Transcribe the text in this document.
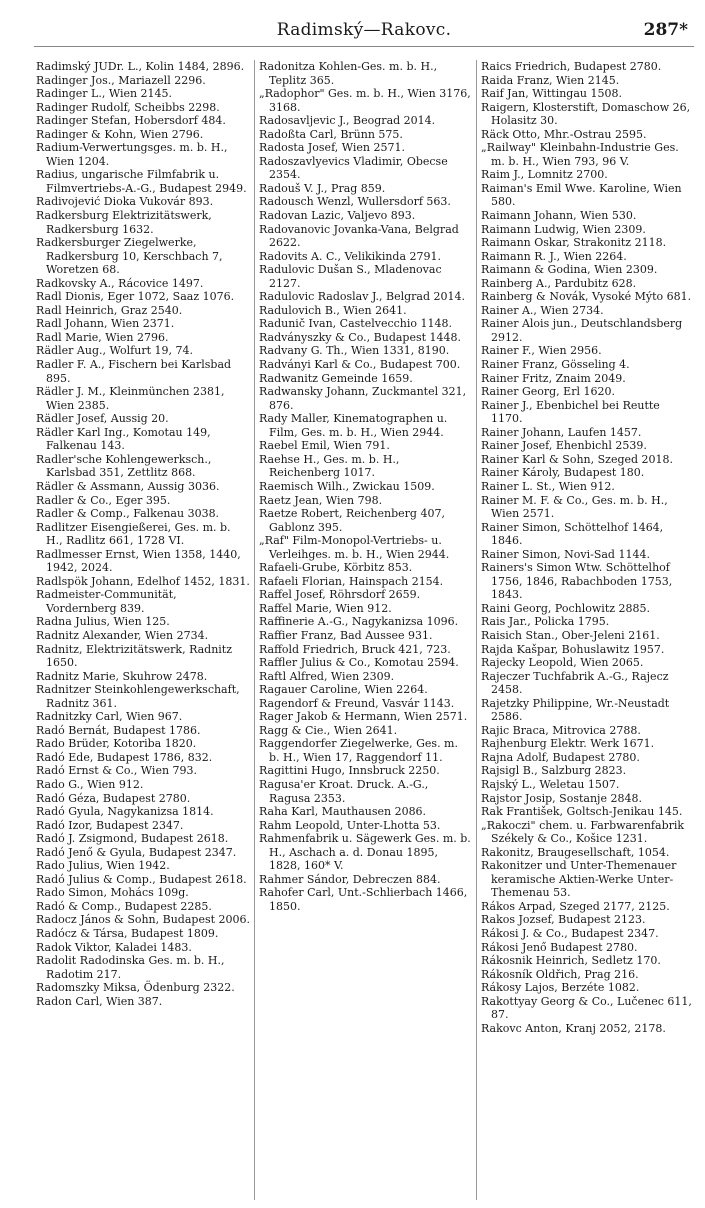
Radimský—Rakovc.	287*

Radimský JUDr. L., Kolin 1484, 2896.

Radinger Jos., Mariazell 2296.

Radinger L., Wien 2145.

Radinger Rudolf, Scheibbs 2298.

Radinger Stefan, Hobersdorf 484.

Radinger & Kohn, Wien 2796.

Radium-Verwertungsges. m. b. H., Wien 1204.

Radius, ungarische Filmfabrik u. Filmvertriebs-A.-G., Budapest 2949.

Radivojević Dioka Vukovár 893.

Radkersburg Elektrizitätswerk, Radkersburg 1632.

Radkersburger Ziegelwerke, Radkersburg 10, Kerschbach 7, Woretzen 68.

Radkovsky A., Rácovice 1497.

Radl Dionis, Eger 1072, Saaz 1076.

Radl Heinrich, Graz 2540.

Radl Johann, Wien 2371.

Radl Marie, Wien 2796.

Rädler Aug., Wolfurt 19, 74.

Radler F. A., Fischern bei Karlsbad 895.

Rädler J. M., Kleinmünchen 2381, Wien 2385.

Rädler Josef, Aussig 20.

Rädler Karl Ing., Komotau 149, Falkenau 143.

Radler'sche Kohlengewerksch., Karlsbad 351, Zettlitz 868.

Rädler & Assmann, Aussig 3036.

Radler & Co., Eger 395.

Radler & Comp., Falkenau 3038.

Radlitzer Eisengießerei, Ges. m. b. H., Radlitz 661, 1728 VI.

Radlmesser Ernst, Wien 1358, 1440, 1942, 2024.

Radlspök Johann, Edelhof 1452, 1831.

Radmeister-Communität, Vordernberg 839.

Radna Julius, Wien 125.

Radnitz Alexander, Wien 2734.

Radnitz, Elektrizitätswerk, Radnitz 1650.

Radnitz Marie, Skuhrow 2478.

Radnitzer Steinkohlengewerkschaft, Radnitz 361.

Radnitzky Carl, Wien 967.

Radó Bernát, Budapest 1786.

Rado Brüder, Kotoriba 1820.

Radó Ede, Budapest 1786, 832.

Radó Ernst & Co., Wien 793.

Rado G., Wien 912.

Radó Géza, Budapest 2780.

Radó Gyula, Nagykanizsa 1814.

Radó Izor, Budapest 2347.

Radó J. Zsigmond, Budapest 2618.

Radó Jenő & Gyula, Budapest 2347.

Rado Julius, Wien 1942.

Radó Julius & Comp., Budapest 2618.

Rado Simon, Mohács 109g.

Radó & Comp., Budapest 2285.

Radocz János & Sohn, Budapest 2006.

Radócz & Társa, Budapest 1809.

Radok Viktor, Kaladei 1483.

Radolit Radodinska Ges. m. b. H., Radotim 217.

Radomszky Miksa, Ödenburg 2322.

Radon Carl, Wien 387.

Radonitza Kohlen-Ges. m. b. H., Teplitz 365.

„Radophor" Ges. m. b. H., Wien 3176, 3168.

Radosavljevic J., Beograd 2014.

Radoßta Carl, Brünn 575.

Radosta Josef, Wien 2571.

Radoszavlyevics Vladimir, Obecse 2354.

Radouš V. J., Prag 859.

Radousch Wenzl, Wullersdorf 563.

Radovan Lazic, Valjevo 893.

Radovanovic Jovanka-Vana, Belgrad 2622.

Radovits A. C., Velikikinda 2791.

Radulovic Dušan S., Mladenovac 2127.

Radulovic Radoslav J., Belgrad 2014.

Radulovich B., Wien 2641.

Radunič Ivan, Castelvecchio 1148.

Radványszky & Co., Budapest 1448.

Radvany G. Th., Wien 1331, 8190.

Radványi Karl & Co., Budapest 700.

Radwanitz Gemeinde 1659.

Radwansky Johann, Zuckmantel 321, 876.

Rady Maller, Kinematographen u. Film, Ges. m. b. H., Wien 2944.

Raebel Emil, Wien 791.

Raehse H., Ges. m. b. H., Reichenberg 1017.

Raemisch Wilh., Zwickau 1509.

Raetz Jean, Wien 798.

Raetze Robert, Reichenberg 407, Gablonz 395.

„Raf" Film-Monopol-Vertriebs- u. Verleihges. m. b. H., Wien 2944.

Rafaeli-Grube, Körbitz 853.

Rafaeli Florian, Hainspach 2154.

Raffel Josef, Röhrsdorf 2659.

Raffel Marie, Wien 912.

Raffinerie A.-G., Nagykanizsa 1096.

Raffier Franz, Bad Aussee 931.

Raffold Friedrich, Bruck 421, 723.

Raffler Julius & Co., Komotau 2594.

Raftl Alfred, Wien 2309.

Ragauer Caroline, Wien 2264.

Ragendorf & Freund, Vasvár 1143.

Rager Jakob & Hermann, Wien 2571.

Ragg & Cie., Wien 2641.

Raggendorfer Ziegelwerke, Ges. m. b. H., Wien 17, Raggendorf 11.

Ragittini Hugo, Innsbruck 2250.

Ragusa'er Kroat. Druck. A.-G., Ragusa 2353.

Raha Karl, Mauthausen 2086.

Rahm Leopold, Unter-Lhotta 53.

Rahmenfabrik u. Sägewerk Ges. m. b. H., Aschach a. d. Donau 1895, 1828, 160* V.

Rahmer Sándor, Debreczen 884.

Rahofer Carl, Unt.-Schlierbach 1466, 1850.

Raics Friedrich, Budapest 2780.

Raida Franz, Wien 2145.

Raif Jan, Wittingau 1508.

Raigern, Klosterstift, Domaschow 26, Holasitz 30.

Räck Otto, Mhr.-Ostrau 2595.

„Railway" Kleinbahn-Industrie Ges. m. b. H., Wien 793, 96 V.

Raim J., Lomnitz 2700.

Raiman's Emil Wwe. Karoline, Wien 580.

Raimann Johann, Wien 530.

Raimann Ludwig, Wien 2309.

Raimann Oskar, Strakonitz 2118.

Raimann R. J., Wien 2264.

Raimann & Godina, Wien 2309.

Rainberg A., Pardubitz 628.

Rainberg & Novák, Vysoké Mýto 681.

Rainer A., Wien 2734.

Rainer Alois jun., Deutschlandsberg 2912.

Rainer F., Wien 2956.

Rainer Franz, Gösseling 4.

Rainer Fritz, Znaim 2049.

Rainer Georg, Erl 1620.

Rainer J., Ebenbichel bei Reutte 1170.

Rainer Johann, Laufen 1457.

Rainer Josef, Ehenbichl 2539.

Rainer Karl & Sohn, Szeged 2018.

Rainer Károly, Budapest 180.

Rainer L. St., Wien 912.

Rainer M. F. & Co., Ges. m. b. H., Wien 2571.

Rainer Simon, Schöttelhof 1464, 1846.

Rainer Simon, Novi-Sad 1144.

Rainers's Simon Wtw. Schöttelhof 1756, 1846, Rabachboden 1753, 1843.

Raini Georg, Pochlowitz 2885.

Rais Jar., Policka 1795.

Raisich Stan., Ober-Jeleni 2161.

Rajda Kašpar, Bohuslawitz 1957.

Rajecky Leopold, Wien 2065.

Rajeczer Tuchfabrik A.-G., Rajecz 2458.

Rajetzky Philippine, Wr.-Neustadt 2586.

Rajic Braca, Mitrovica 2788.

Rajhenburg Elektr. Werk 1671.

Rajna Adolf, Budapest 2780.

Rajsigl B., Salzburg 2823.

Rajský L., Weletau 1507.

Rajstor Josip, Sostanje 2848.

Rak František, Goltsch-Jenikau 145.

„Rakoczi" chem. u. Farbwarenfabrik Székely & Co., Košice 1231.

Rakonitz, Braugesellschaft, 1054.

Rakonitzer und Unter-Themenauer keramische Aktien-Werke Unter-Themenau 53.

Rákos Arpad, Szeged 2177, 2125.

Rakos Jozsef, Budapest 2123.

Rákosi J. & Co., Budapest 2347.

Rákosi Jenő Budapest 2780.

Rákosnik Heinrich, Sedletz 170.

Rákosník Oldřich, Prag 216.

Rákosy Lajos, Berzéte 1082.

Rakottyay Georg & Co., Lučenec 611, 87.

Rakovc Anton, Kranj 2052, 2178.
